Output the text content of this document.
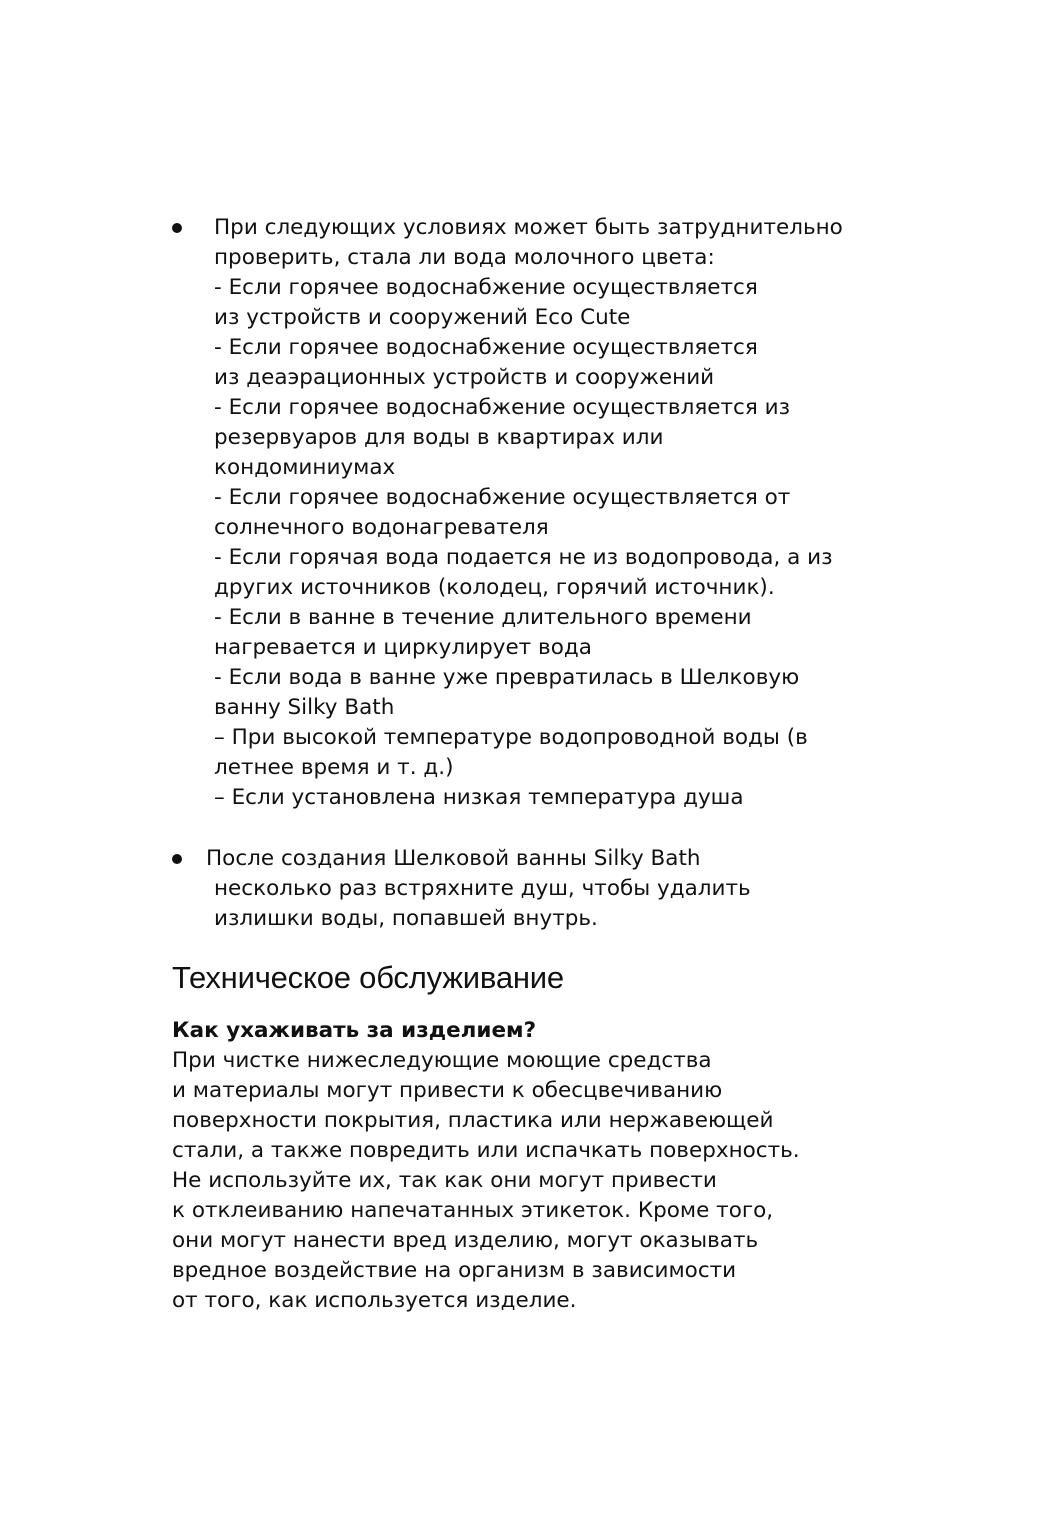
При следующих условиях может быть затруднительно
проверить, стала ли вода молочного цвета:
- Если горячее водоснабжение осуществляется
из устройств и сооружений Eco Cute
- Если горячее водоснабжение осуществляется
из деаэрационных устройств и сооружений
- Если горячее водоснабжение осуществляется из
резервуаров для воды в квартирах или
кондоминиумах
- Если горячее водоснабжение осуществляется от
солнечного водонагревателя
- Если горячая вода подается не из водопровода, а из
других источников (колодец, горячий источник).
- Если в ванне в течение длительного времени
нагревается и циркулирует вода
- Если вода в ванне уже превратилась в Шелковую
ванну Silky Bath
– При высокой температуре водопроводной воды (в
летнее время и т. д.)
– Если установлена низкая температура душа
После создания Шелковой ванны Silky Bath
несколько раз встряхните душ, чтобы удалить
излишки воды, попавшей внутрь.
Техническое обслуживание
Как ухаживать за изделием?
При чистке нижеследующие моющие средства
и материалы могут привести к обесцвечиванию
поверхности покрытия, пластика или нержавеющей
стали, а также повредить или испачкать поверхность.
Не используйте их, так как они могут привести
к отклеиванию напечатанных этикеток. Кроме того,
они могут нанести вред изделию, могут оказывать
вредное воздействие на организм в зависимости
от того, как используется изделие.
